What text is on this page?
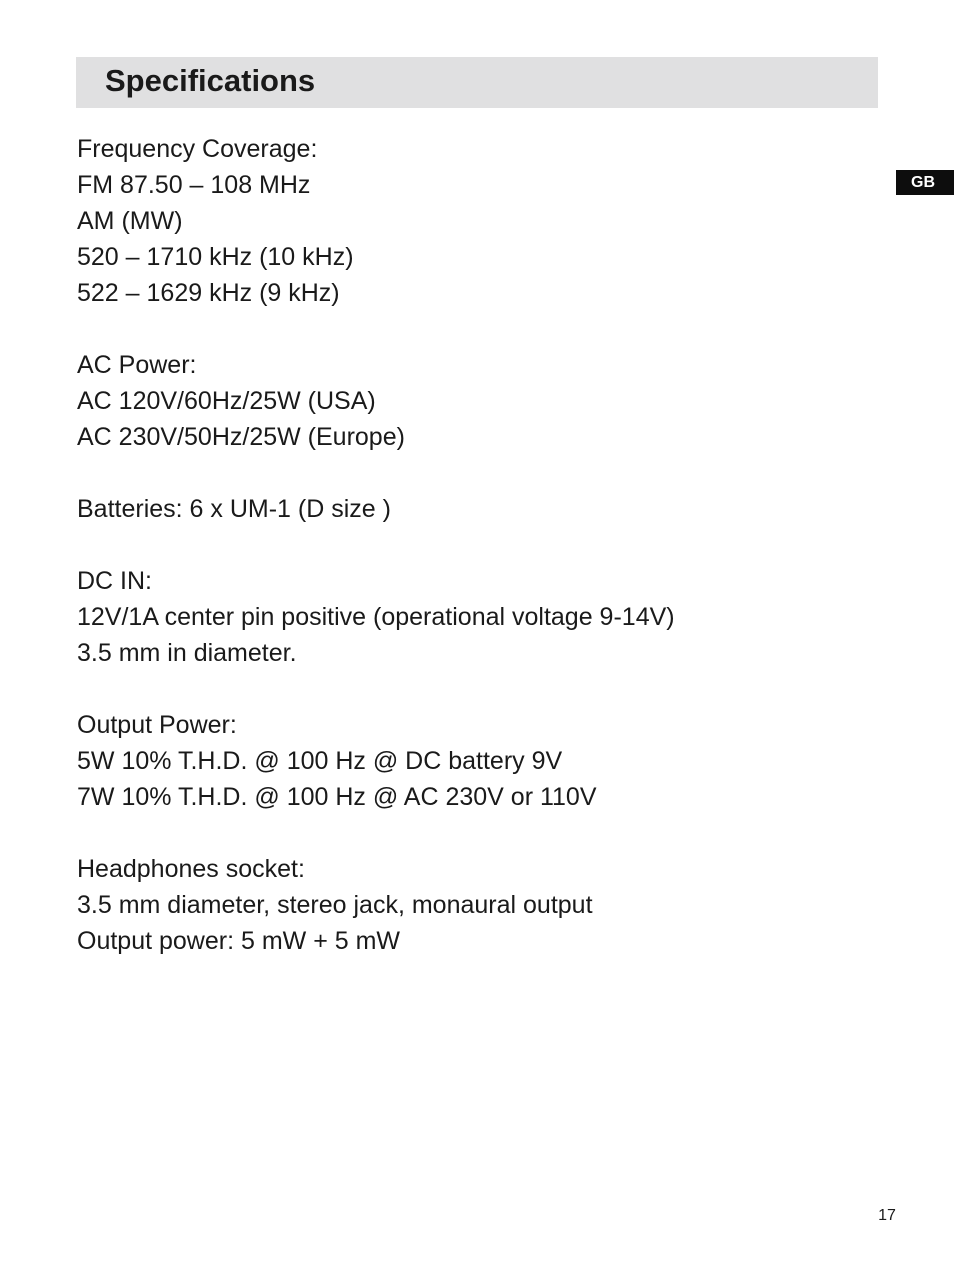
Specifications
GB
Frequency Coverage:
FM 87.50 – 108 MHz
AM (MW)
520 – 1710 kHz (10 kHz)
522 – 1629 kHz (9 kHz)
AC Power:
AC 120V/60Hz/25W (USA)
AC 230V/50Hz/25W (Europe)
Batteries: 6 x UM-1 (D size )
DC IN:
12V/1A center pin positive (operational voltage 9-14V)
3.5 mm in diameter.
Output Power:
5W 10% T.H.D. @ 100 Hz @ DC battery 9V
7W 10% T.H.D. @ 100 Hz @ AC 230V or 110V
Headphones socket:
3.5 mm diameter, stereo jack, monaural output
Output power: 5 mW + 5 mW
17
